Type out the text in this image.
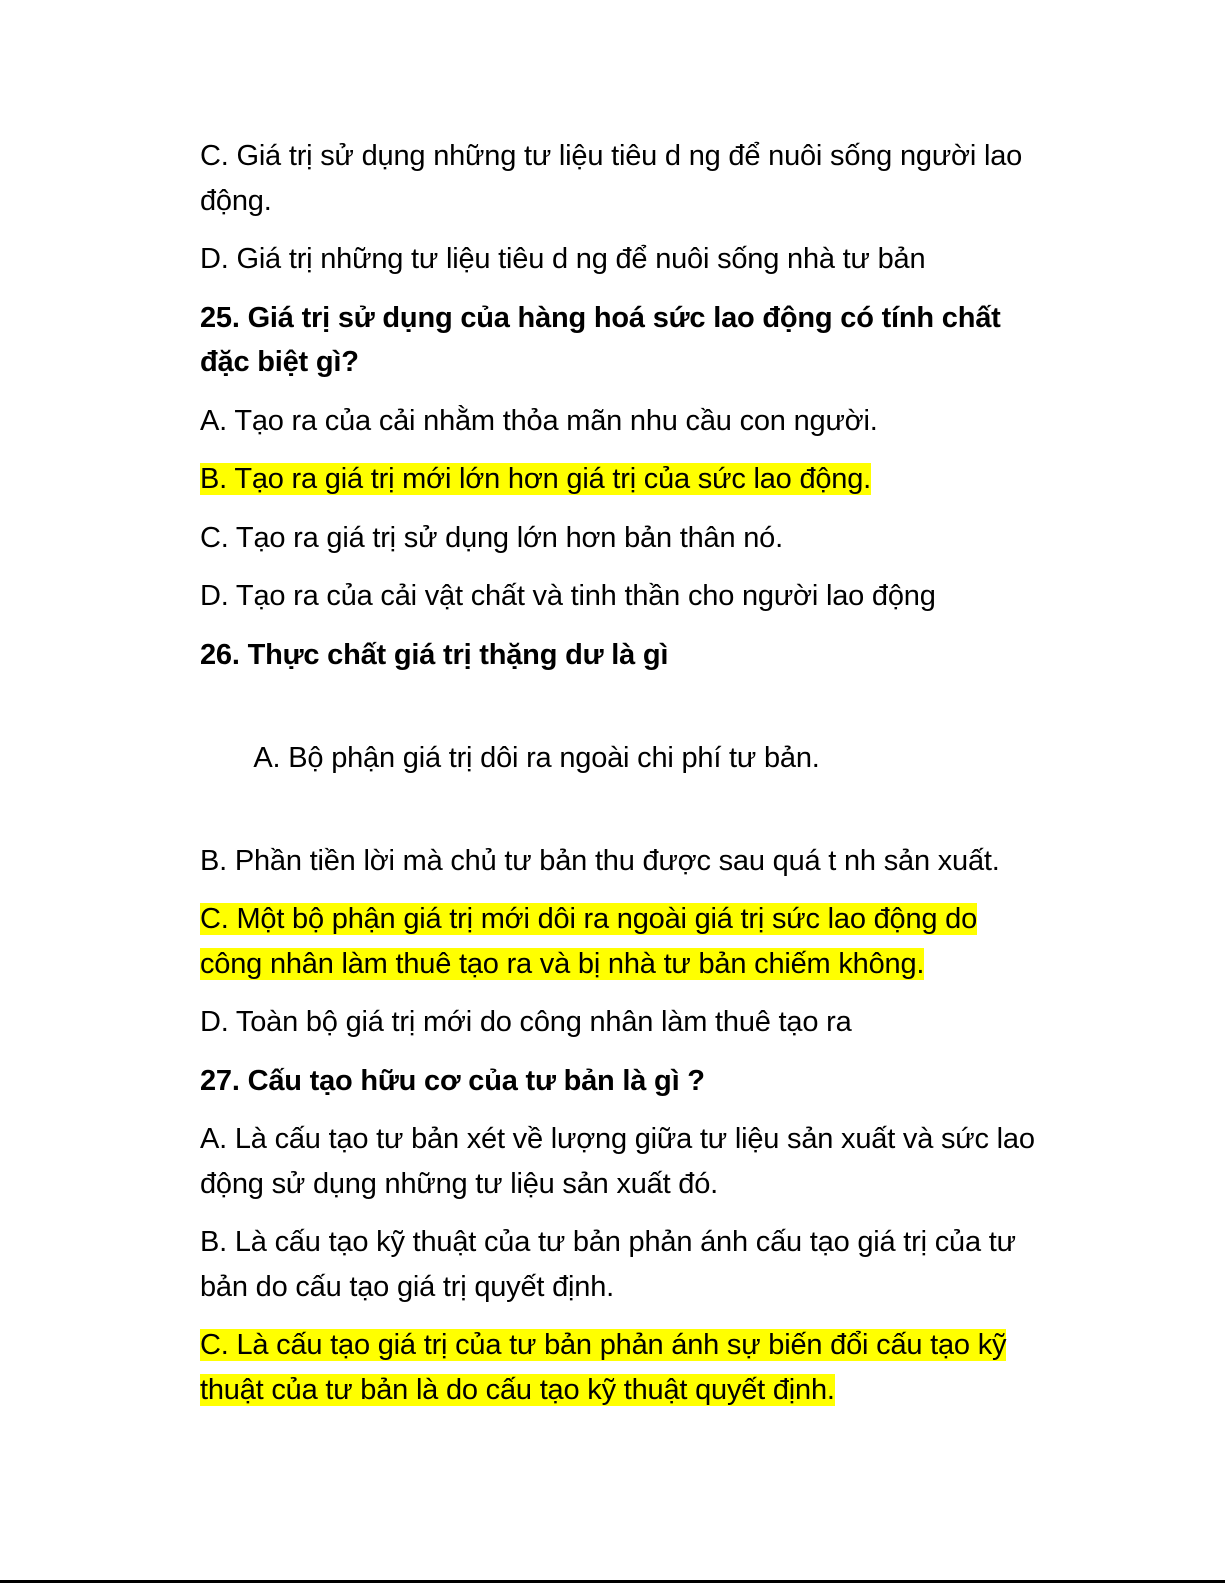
C. Giá trị sử dụng những tư liệu tiêu d ng để nuôi sống người lao động.

D. Giá trị những tư liệu tiêu d ng để nuôi sống nhà tư bản

25. Giá trị sử dụng của hàng hoá sức lao động có tính chất đặc biệt gì?

A. Tạo ra của cải nhằm thỏa mãn nhu cầu con người.

B. Tạo ra giá trị mới lớn hơn giá trị của sức lao động.

C. Tạo ra giá trị sử dụng lớn hơn bản thân nó.

D. Tạo ra của cải vật chất và tinh thần cho người lao động

26. Thực chất giá trị thặng dư là gì

A. Bộ phận giá trị dôi ra ngoài chi phí tư bản.

B. Phần tiền lời mà chủ tư bản thu được sau quá t nh sản xuất.

C. Một bộ phận giá trị mới dôi ra ngoài giá trị sức lao động do công nhân làm thuê tạo ra và bị nhà tư bản chiếm không.

D. Toàn bộ giá trị mới do công nhân làm thuê tạo ra

27. Cấu tạo hữu cơ của tư bản là gì ?

A. Là cấu tạo tư bản xét về lượng giữa tư liệu sản xuất và sức lao động sử dụng những tư liệu sản xuất đó.

B. Là cấu tạo kỹ thuật của tư bản phản ánh cấu tạo giá trị của tư bản do cấu tạo giá trị quyết định.

C. Là cấu tạo giá trị của tư bản phản ánh sự biến đổi cấu tạo kỹ thuật của tư bản là do cấu tạo kỹ thuật quyết định.
